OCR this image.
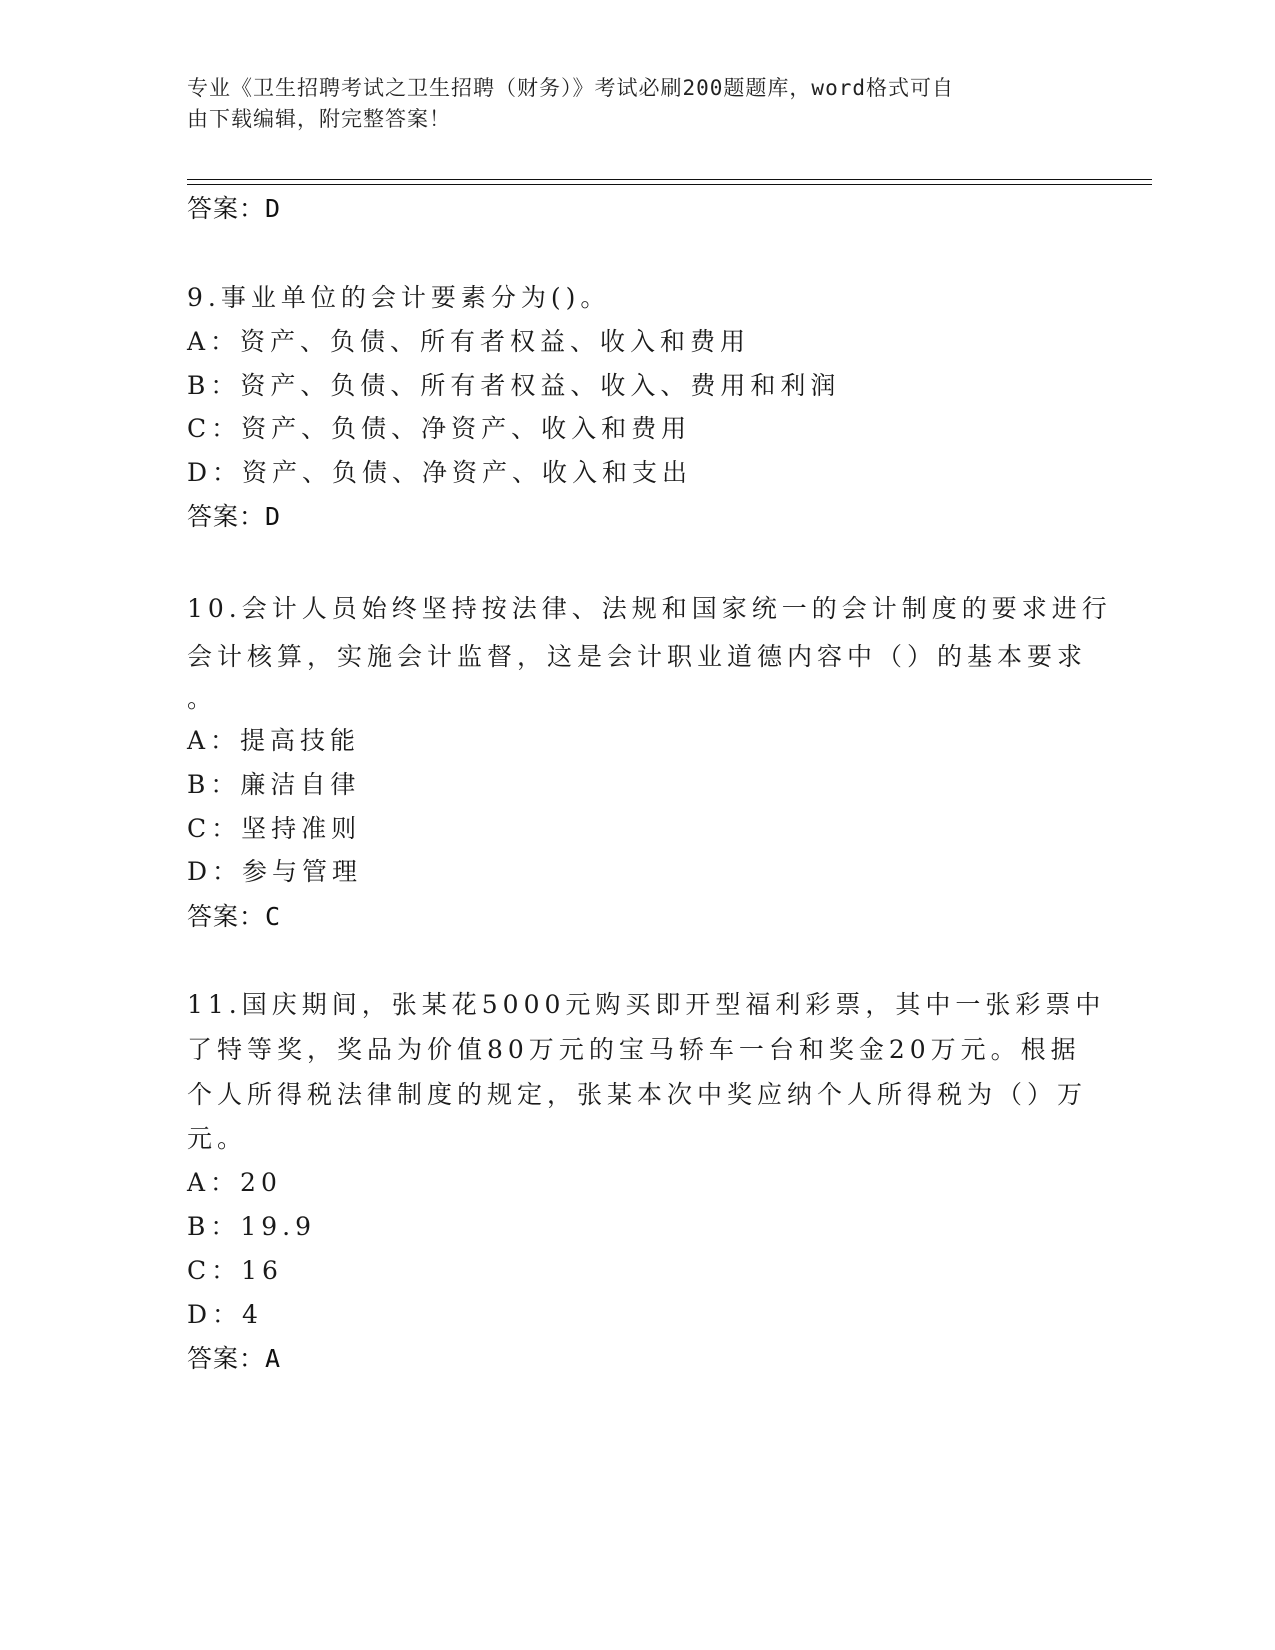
专业《卫生招聘考试之卫生招聘（财务）》考试必刷200题题库，word格式可自
由下载编辑，附完整答案！
答案：D
9.事业单位的会计要素分为()。
A：资产、负债、所有者权益、收入和费用
B：资产、负债、所有者权益、收入、费用和利润
C：资产、负债、净资产、收入和费用
D：资产、负债、净资产、收入和支出
答案：D
10.会计人员始终坚持按法律、法规和国家统一的会计制度的要求进行
会计核算，实施会计监督，这是会计职业道德内容中（）的基本要求
。
A：提高技能
B：廉洁自律
C：坚持准则
D：参与管理
答案：C
11.国庆期间，张某花5000元购买即开型福利彩票，其中一张彩票中
了特等奖，奖品为价值80万元的宝马轿车一台和奖金20万元。根据
个人所得税法律制度的规定，张某本次中奖应纳个人所得税为（）万
元。
A：20
B：19.9
C：16
D：4
答案：A
